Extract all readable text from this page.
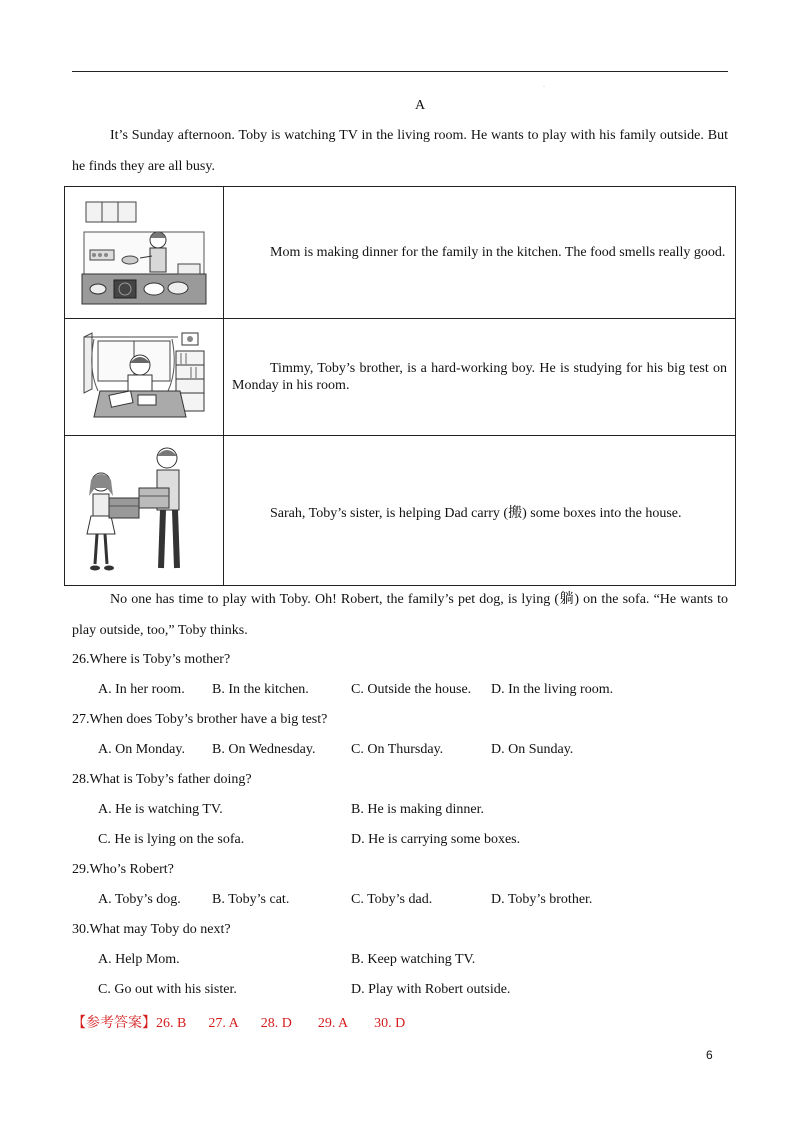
·
A
It’s Sunday afternoon. Toby is watching TV in the living room. He wants to play with his family outside. But he finds they are all busy.
	Mom is making dinner for the family in the kitchen. The food smells really good.

	Timmy, Toby’s brother, is a hard-working boy. He is studying for his big test on Monday in his room.

	Sarah, Toby’s sister, is helping Dad carry (搬) some boxes into the house.
No one has time to play with Toby. Oh! Robert, the family’s pet dog, is lying (躺) on the sofa. “He wants to play outside, too,” Toby thinks.
26.Where is Toby’s mother?
A. In her room. B. In the kitchen.	C. Outside the house. D. In the living room.
27.When does Toby’s brother have a big test?
A. On Monday. B. On Wednesday.	C. On Thursday.	D. On Sunday.
28.What is Toby’s father doing?
A. He is watching TV.	B. He is making dinner.
C. He is lying on the sofa.	D. He is carrying some boxes.
29.Who’s Robert?
A. Toby’s dog. B. Toby’s cat.	C. Toby’s dad.	D. Toby’s brother.
30.What may Toby do next?
A. Help Mom.	B. Keep watching TV.
C. Go out with his sister.	D. Play with Robert outside.
【参考答案】26. B 27. A 28. D 29. A 30. D
6
